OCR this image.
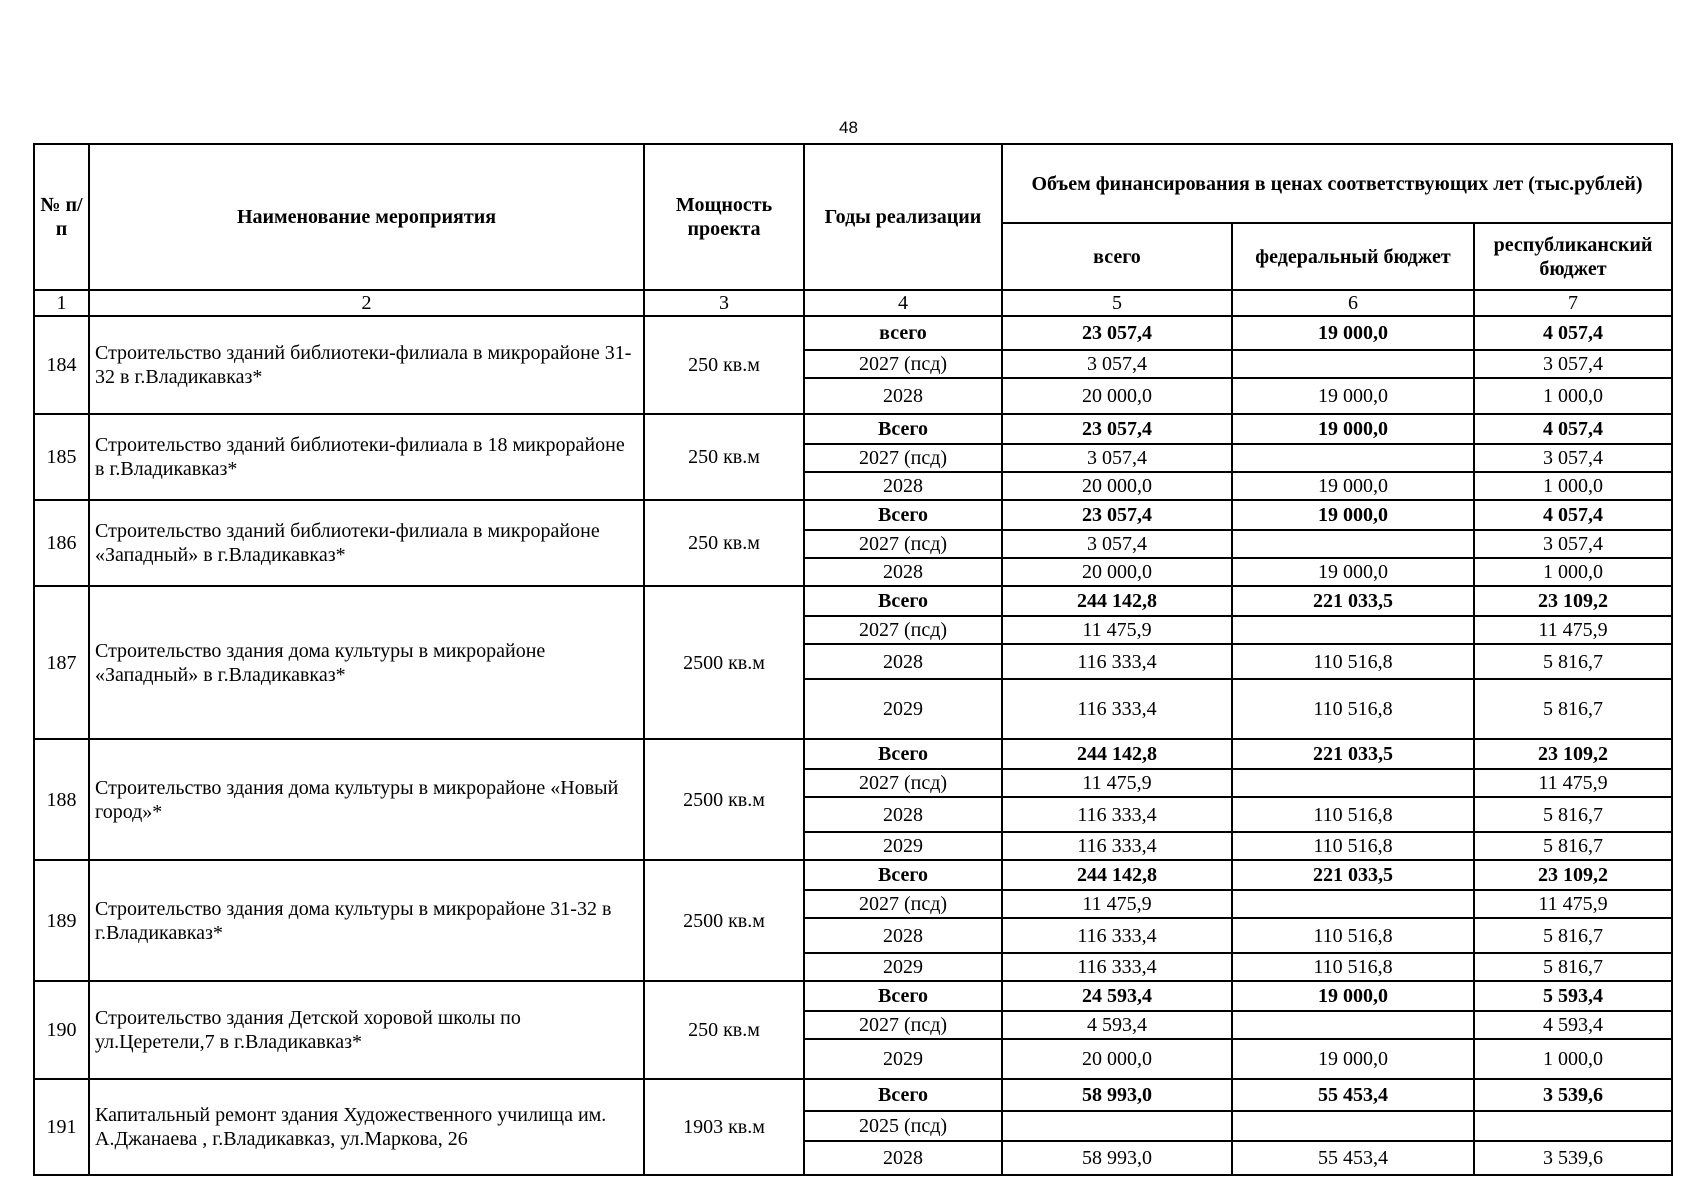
48
№ п/п	Наименование мероприятия	Мощность проекта	Годы реализации	Объем финансирования в ценах соответствующих лет (тыс.рублей)		
				всего	федеральный бюджет	республиканский бюджет
1	2	3	4	5	6	7
184	Строительство зданий библиотеки-филиала в микрорайоне 31-32 в г.Владикавказ*	250 кв.м	всего	23 057,4	19 000,0	4 057,4
			2027 (псд)	3 057,4		3 057,4
			2028	20 000,0	19 000,0	1 000,0
185	Строительство зданий библиотеки-филиала в 18 микрорайоне в г.Владикавказ*	250 кв.м	Всего	23 057,4	19 000,0	4 057,4
			2027 (псд)	3 057,4		3 057,4
			2028	20 000,0	19 000,0	1 000,0
186	Строительство зданий библиотеки-филиала в микрорайоне «Западный» в г.Владикавказ*	250 кв.м	Всего	23 057,4	19 000,0	4 057,4
			2027 (псд)	3 057,4		3 057,4
			2028	20 000,0	19 000,0	1 000,0
187	Строительство здания дома культуры в микрорайоне «Западный» в г.Владикавказ*	2500 кв.м	Всего	244 142,8	221 033,5	23 109,2
			2027 (псд)	11 475,9		11 475,9
			2028	116 333,4	110 516,8	5 816,7
			2029	116 333,4	110 516,8	5 816,7
188	Строительство здания дома культуры в микрорайоне «Новый город»*	2500 кв.м	Всего	244 142,8	221 033,5	23 109,2
			2027 (псд)	11 475,9		11 475,9
			2028	116 333,4	110 516,8	5 816,7
			2029	116 333,4	110 516,8	5 816,7
189	Строительство здания дома культуры в микрорайоне 31-32 в г.Владикавказ*	2500 кв.м	Всего	244 142,8	221 033,5	23 109,2
			2027 (псд)	11 475,9		11 475,9
			2028	116 333,4	110 516,8	5 816,7
			2029	116 333,4	110 516,8	5 816,7
190	Строительство здания Детской хоровой школы по ул.Церетели,7 в г.Владикавказ*	250 кв.м	Всего	24 593,4	19 000,0	5 593,4
			2027 (псд)	4 593,4		4 593,4
			2029	20 000,0	19 000,0	1 000,0
191	Капитальный ремонт здания Художественного училища им. А.Джанаева , г.Владикавказ, ул.Маркова, 26	1903 кв.м	Всего	58 993,0	55 453,4	3 539,6
			2025 (псд)			
			2028	58 993,0	55 453,4	3 539,6
